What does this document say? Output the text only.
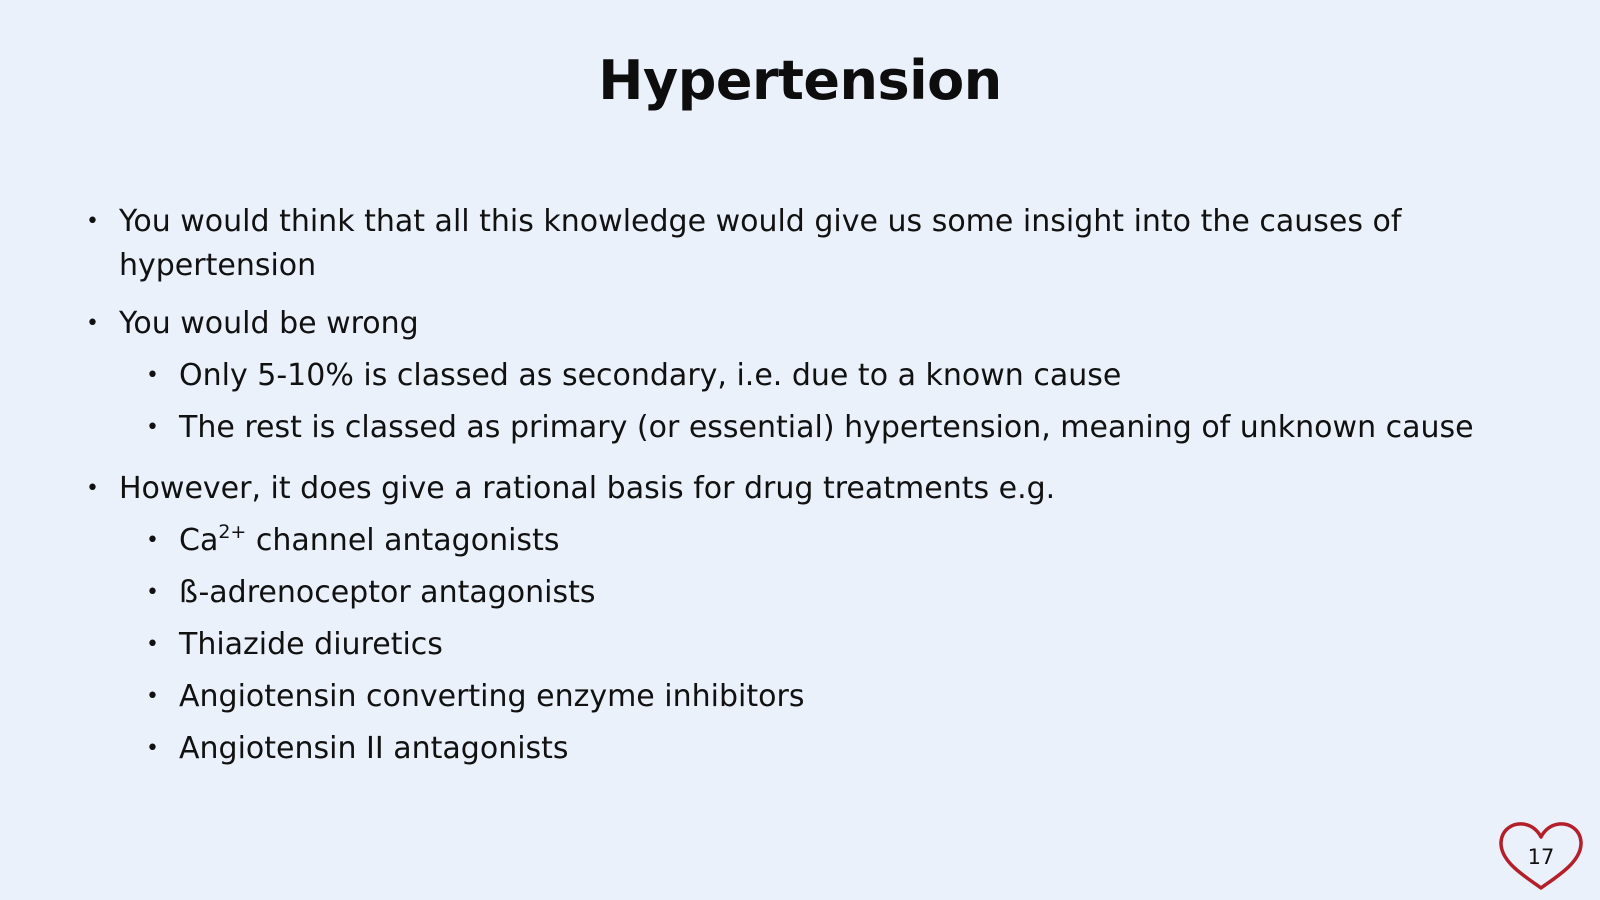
Hypertension
• You would think that all this knowledge would give us some insight into the causes of hypertension
• You would be wrong
• Only 5-10% is classed as secondary, i.e. due to a known cause
• The rest is classed as primary (or essential) hypertension, meaning of unknown cause
• However, it does give a rational basis for drug treatments e.g.
• $Ca^{2+}$ channel antagonists
• ß-adrenoceptor antagonists
• Thiazide diuretics
• Angiotensin converting enzyme inhibitors
• Angiotensin II antagonists
17
